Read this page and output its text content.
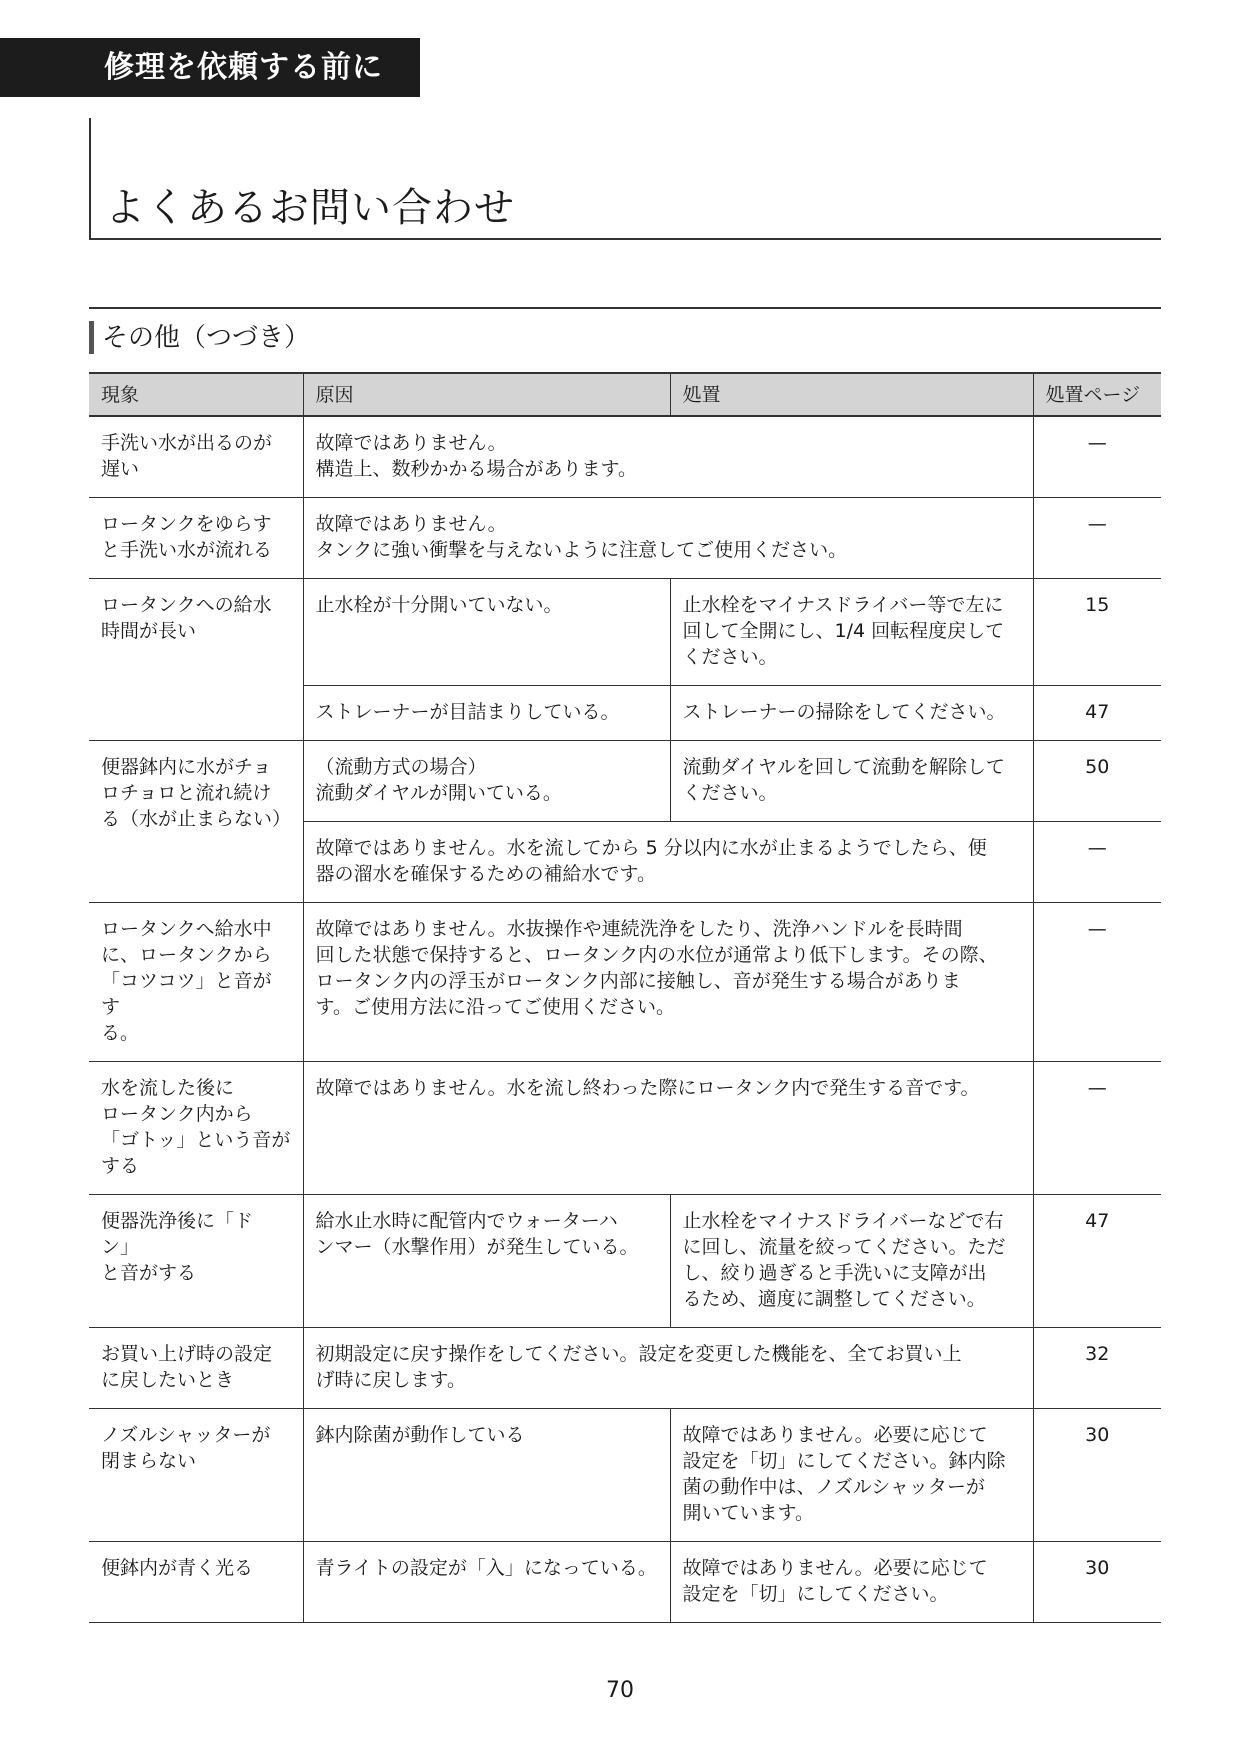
修理を依頼する前に
よくあるお問い合わせ
その他（つづき）
現象	原因	処置	処置ページ

手洗い水が出るのが
遅い	故障ではありません。
構造上、数秒かかる場合があります。		—

ロータンクをゆらす
と手洗い水が流れる	故障ではありません。
タンクに強い衝撃を与えないように注意してご使用ください。		—

ロータンクへの給水
時間が長い	止水栓が十分開いていない。	止水栓をマイナスドライバー等で左に
回して全開にし、1/4 回転程度戻して
ください。	15

	ストレーナーが目詰まりしている。	ストレーナーの掃除をしてください。	47

便器鉢内に水がチョ
ロチョロと流れ続け
る（水が止まらない）	（流動方式の場合）
流動ダイヤルが開いている。	流動ダイヤルを回して流動を解除して
ください。	50

	故障ではありません。水を流してから 5 分以内に水が止まるようでしたら、便
器の溜水を確保するための補給水です。		—

ロータンクへ給水中
に、ロータンクから
「コツコツ」と音がす
る。	故障ではありません。水抜操作や連続洗浄をしたり、洗浄ハンドルを長時間
回した状態で保持すると、ロータンク内の水位が通常より低下します。その際、
ロータンク内の浮玉がロータンク内部に接触し、音が発生する場合がありま
す。ご使用方法に沿ってご使用ください。		—

水を流した後に
ロータンク内から
「ゴトッ」という音が
する	故障ではありません。水を流し終わった際にロータンク内で発生する音です。		—

便器洗浄後に「ドン」
と音がする	給水止水時に配管内でウォーターハ
ンマー（水撃作用）が発生している。	止水栓をマイナスドライバーなどで右
に回し、流量を絞ってください。ただ
し、絞り過ぎると手洗いに支障が出
るため、適度に調整してください。	47

お買い上げ時の設定
に戻したいとき	初期設定に戻す操作をしてください。設定を変更した機能を、全てお買い上
げ時に戻します。		32

ノズルシャッターが
閉まらない	鉢内除菌が動作している	故障ではありません。必要に応じて
設定を「切」にしてください。鉢内除
菌の動作中は、ノズルシャッターが
開いています。	30

便鉢内が青く光る	青ライトの設定が「入」になっている。	故障ではありません。必要に応じて
設定を「切」にしてください。	30
70
